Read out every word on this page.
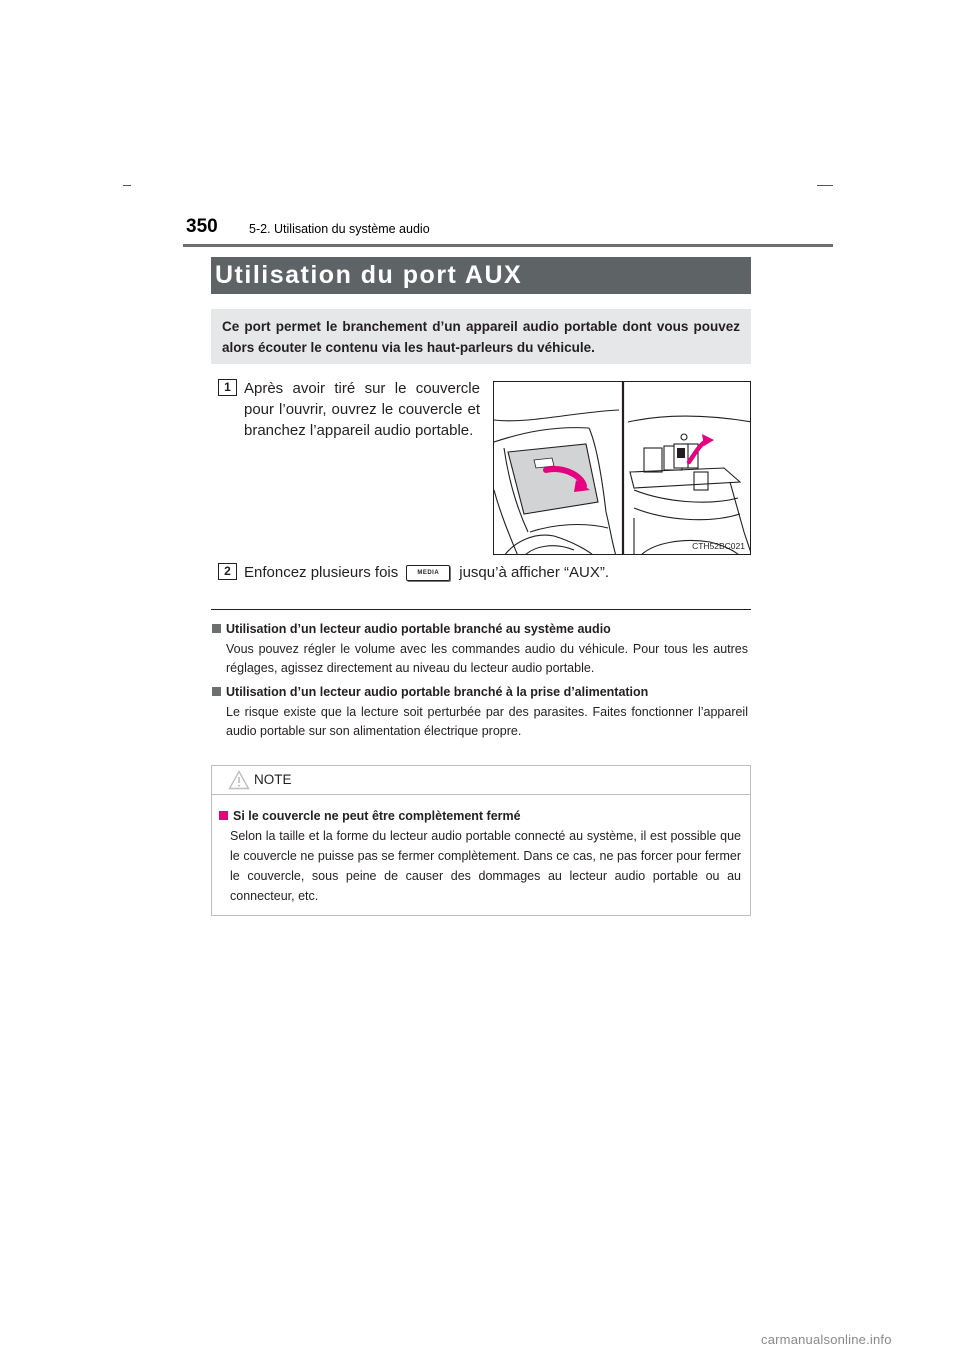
350	5-2. Utilisation du système audio
Utilisation du port AUX
Ce port permet le branchement d’un appareil audio portable dont vous pouvez alors écouter le contenu via les haut-parleurs du véhicule.
1 Après avoir tiré sur le couvercle pour l’ouvrir, ouvrez le couvercle et branchez l’appareil audio portable.
CTH52BC021
2 Enfoncez plusieurs fois	MEDIA	jusqu’à afficher “AUX”.
Utilisation d’un lecteur audio portable branché au système audio
Vous pouvez régler le volume avec les commandes audio du véhicule. Pour tous les autres réglages, agissez directement au niveau du lecteur audio portable.
Utilisation d’un lecteur audio portable branché à la prise d’alimentation
Le risque existe que la lecture soit perturbée par des parasites. Faites fonctionner l’appareil audio portable sur son alimentation électrique propre.
NOTE
Si le couvercle ne peut être complètement fermé
Selon la taille et la forme du lecteur audio portable connecté au système, il est possible que le couvercle ne puisse pas se fermer complètement. Dans ce cas, ne pas forcer pour fermer le couvercle, sous peine de causer des dommages au lecteur audio portable ou au connecteur, etc.
carmanualsonline.info
